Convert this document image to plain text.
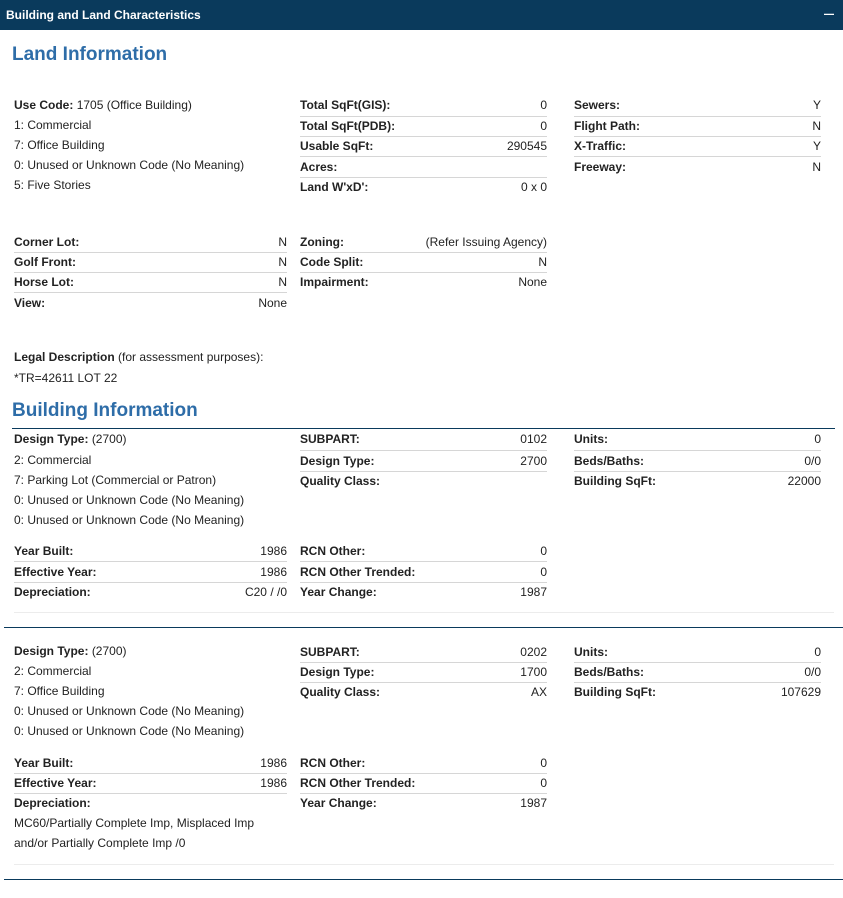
Building and Land Characteristics	–
Land Information
Use Code: 1705 (Office Building)
1: Commercial
7: Office Building
0: Unused or Unknown Code (No Meaning)
5: Five Stories
Total SqFt(GIS):	0
Total SqFt(PDB):	0
Usable SqFt:	290545
Acres:
Land W'xD':	0 x 0
Sewers:	Y
Flight Path:	N
X-Traffic:	Y
Freeway:	N
Corner Lot:	N
Golf Front:	N
Horse Lot:	N
View:	None
Zoning:	(Refer Issuing Agency)
Code Split:	N
Impairment:	None
Legal Description (for assessment purposes):
*TR=42611 LOT 22
Building Information
Design Type: (2700)
2: Commercial
7: Parking Lot (Commercial or Patron)
0: Unused or Unknown Code (No Meaning)
0: Unused or Unknown Code (No Meaning)
SUBPART:	0102
Design Type:	2700
Quality Class:
Units:	0
Beds/Baths:	0/0
Building SqFt:	22000
Year Built:	1986
Effective Year:	1986
Depreciation:	C20 / /0
RCN Other:	0
RCN Other Trended:	0
Year Change:	1987
Design Type: (2700)
2: Commercial
7: Office Building
0: Unused or Unknown Code (No Meaning)
0: Unused or Unknown Code (No Meaning)
SUBPART:	0202
Design Type:	1700
Quality Class:	AX
Units:	0
Beds/Baths:	0/0
Building SqFt:	107629
Year Built:	1986
Effective Year:	1986
Depreciation:
MC60/Partially Complete Imp, Misplaced Imp
and/or Partially Complete Imp /0
RCN Other:	0
RCN Other Trended:	0
Year Change:	1987
